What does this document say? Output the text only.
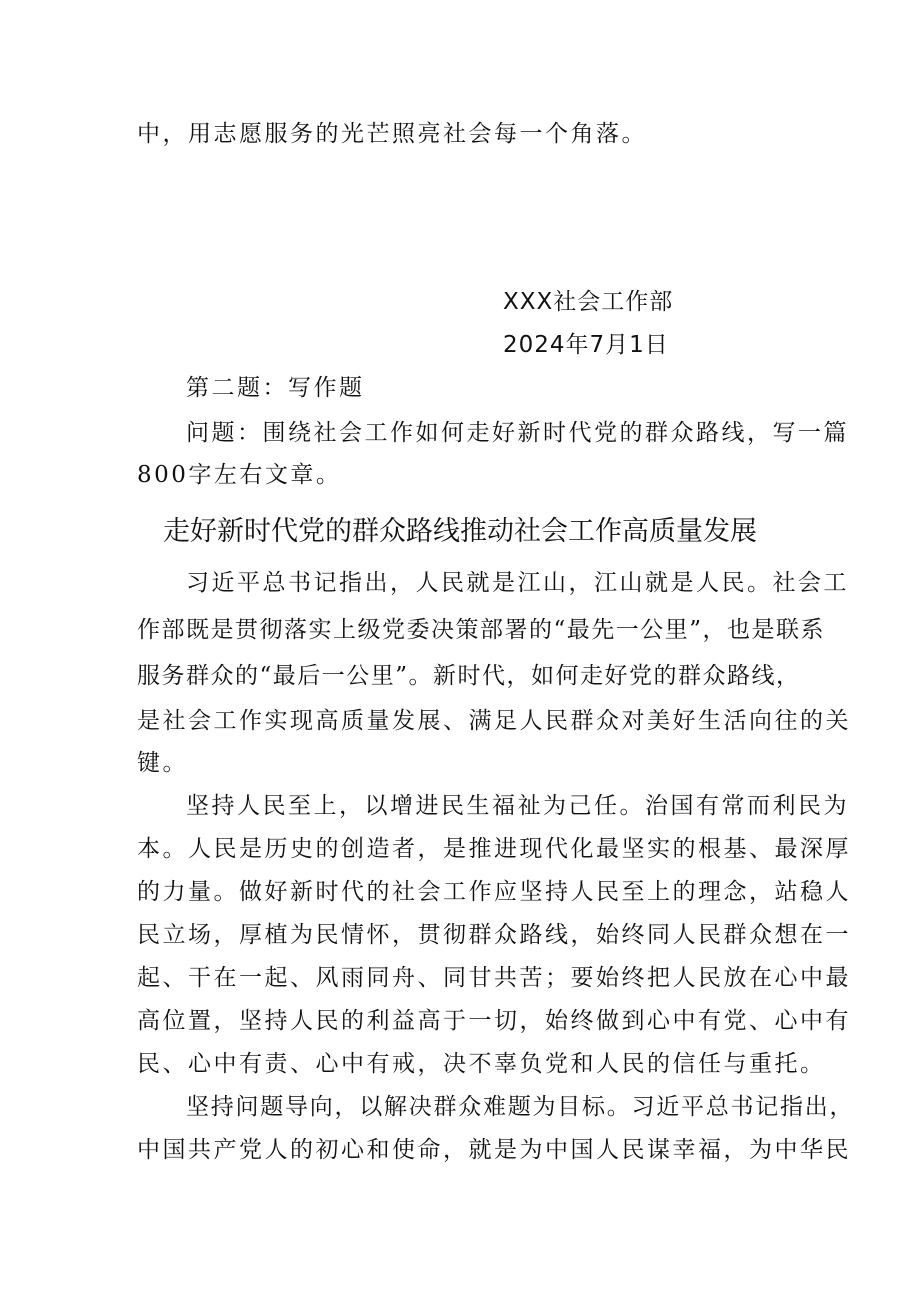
中，用志愿服务的光芒照亮社会每一个角落。
XXX社会工作部
2024年7月1日
第二题：写作题
问题：围绕社会工作如何走好新时代党的群众路线，写一篇
800字左右文章。
走好新时代党的群众路线推动社会工作高质量发展
习近平总书记指出，人民就是江山，江山就是人民。社会工
作部既是贯彻落实上级党委决策部署的“最先一公里”，也是联系
服务群众的“最后一公里”。新时代，如何走好党的群众路线，
是社会工作实现高质量发展、满足人民群众对美好生活向往的关
键。
坚持人民至上，以增进民生福祉为己任。治国有常而利民为
本。人民是历史的创造者，是推进现代化最坚实的根基、最深厚
的力量。做好新时代的社会工作应坚持人民至上的理念，站稳人
民立场，厚植为民情怀，贯彻群众路线，始终同人民群众想在一
起、干在一起、风雨同舟、同甘共苦；要始终把人民放在心中最
高位置，坚持人民的利益高于一切，始终做到心中有党、心中有
民、心中有责、心中有戒，决不辜负党和人民的信任与重托。
坚持问题导向，以解决群众难题为目标。习近平总书记指出，
中国共产党人的初心和使命，就是为中国人民谋幸福，为中华民
